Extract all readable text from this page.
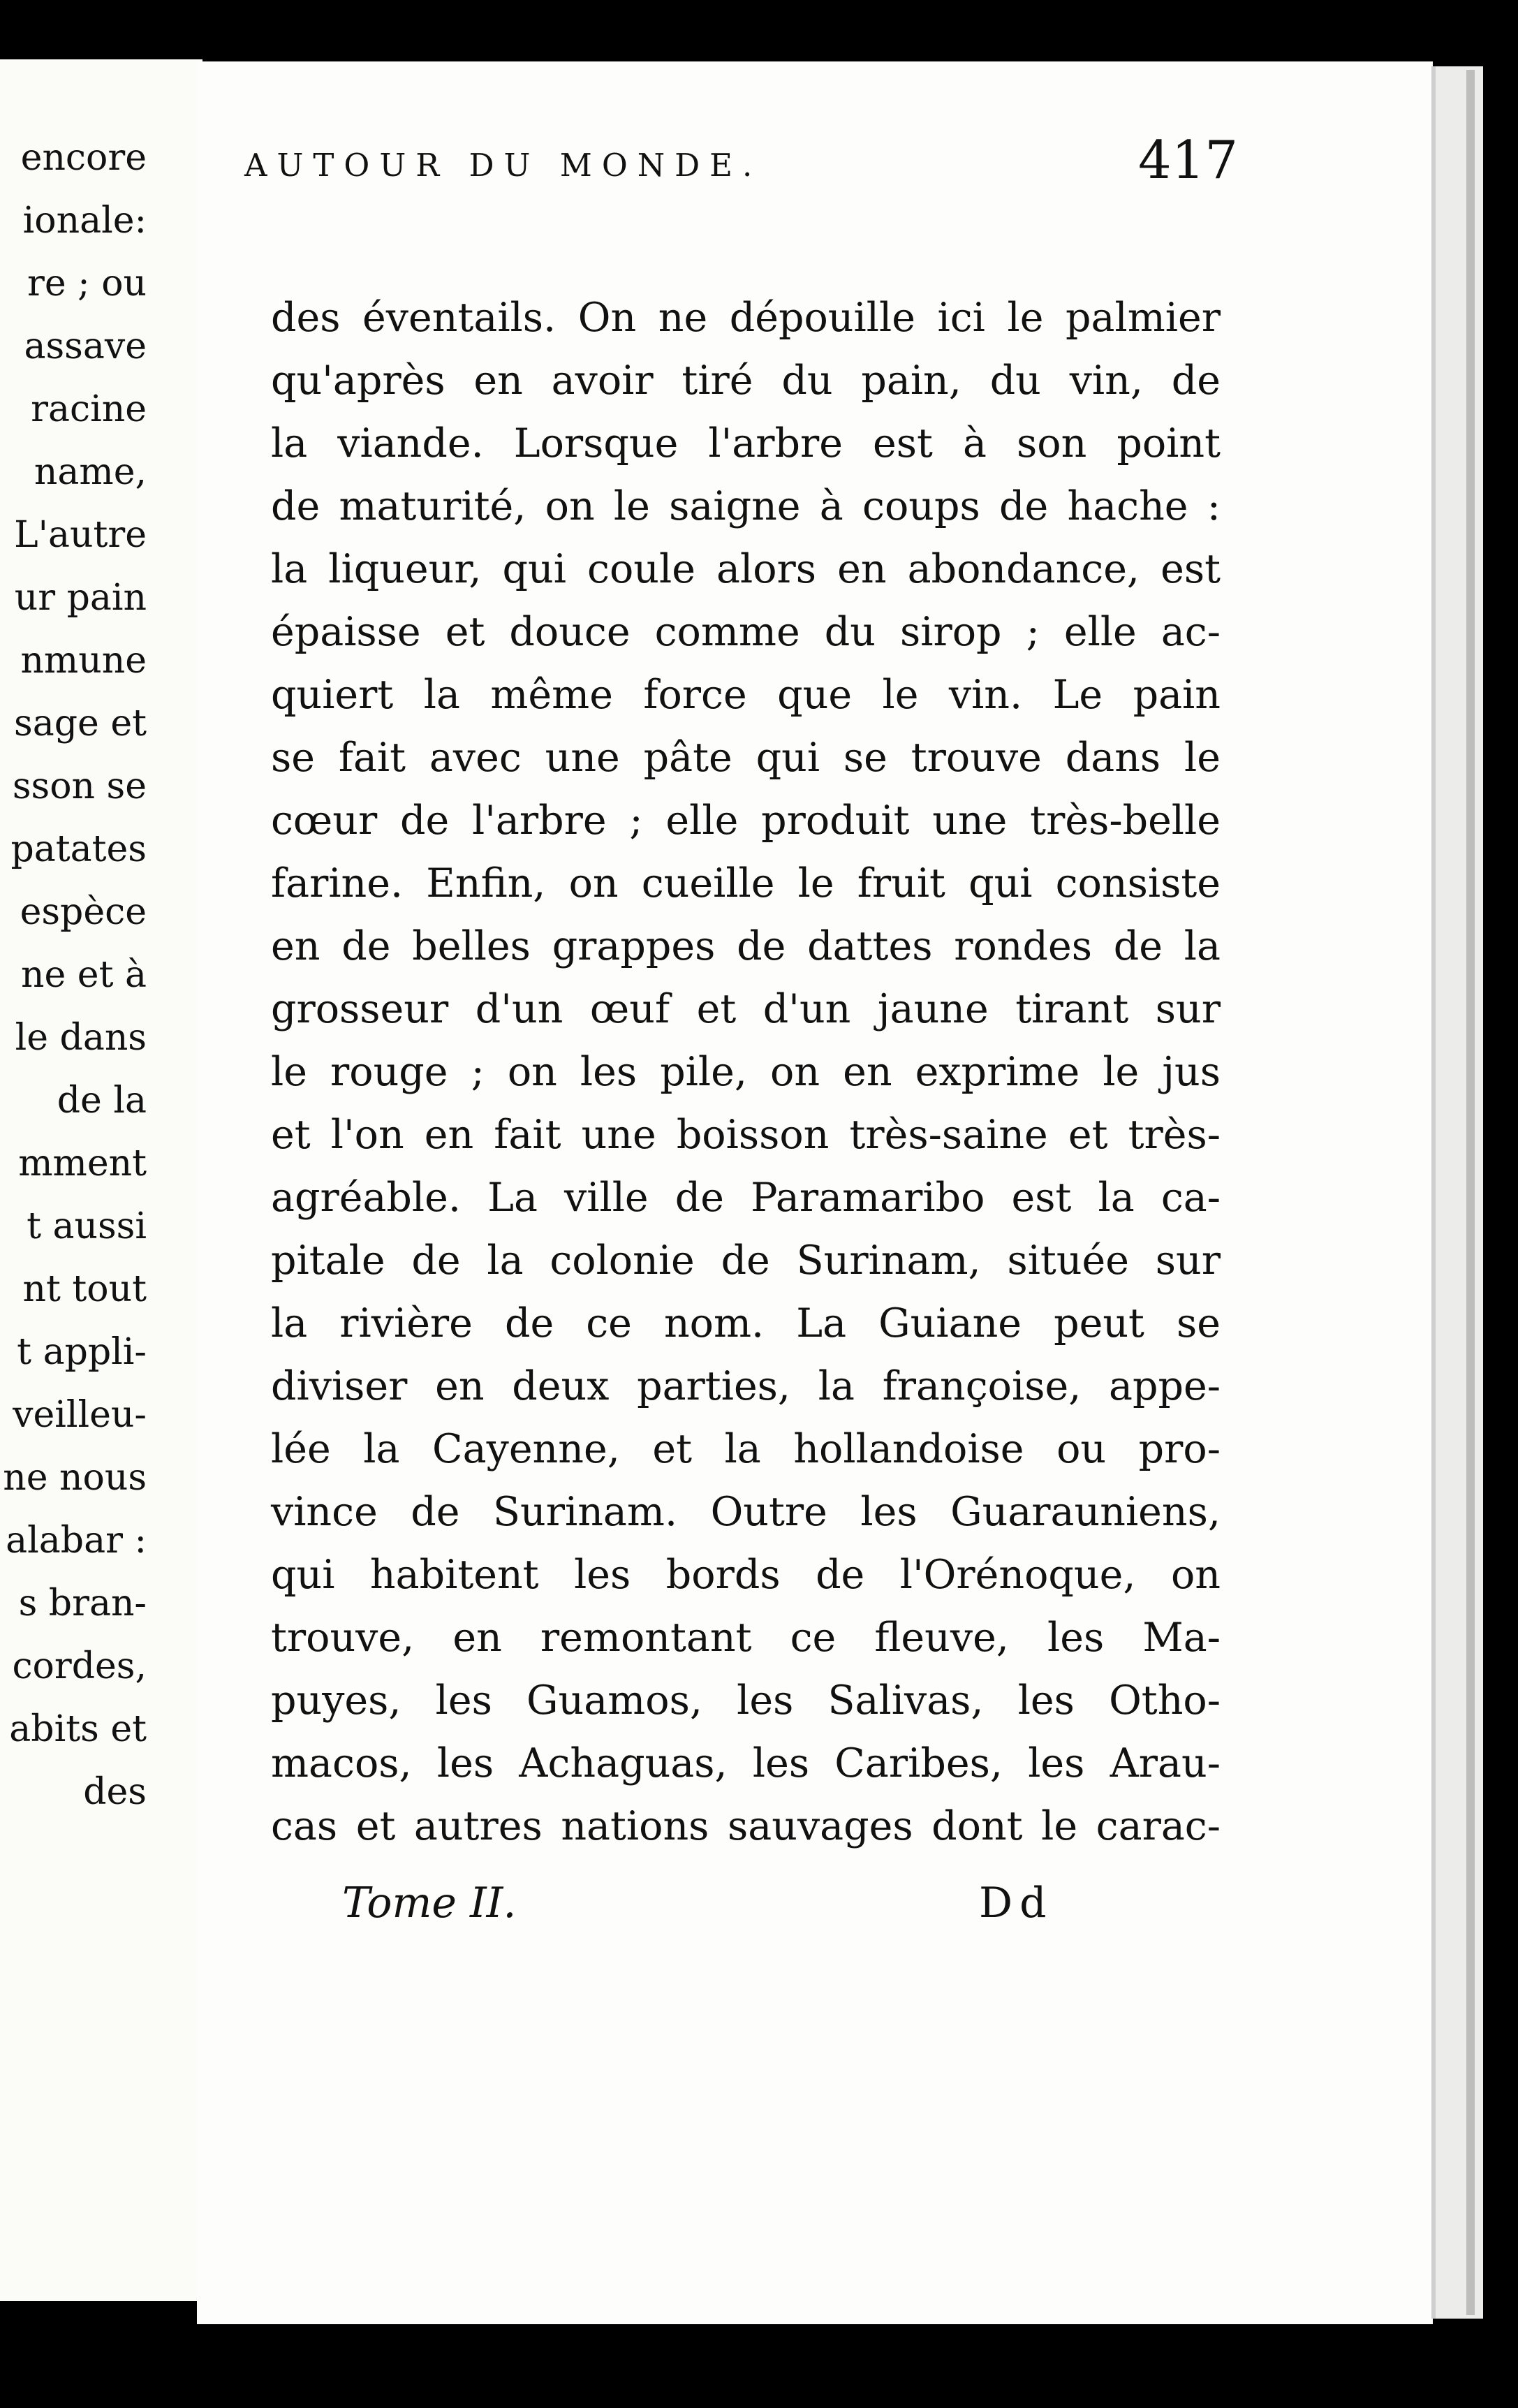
encore
ionale:
re ; ou
assave
racine
name,
L'autre
ur pain
nmune
sage et
sson se
patates
espèce
ne et à
le dans
de la
mment
t aussi
nt tout
t appli-
veilleu-
ne nous
alabar :
s bran-
cordes,
abits et
des
AUTOUR DU MONDE.	417
des éventails. On ne dépouille ici le palmier
qu'après en avoir tiré du pain, du vin, de
la viande. Lorsque l'arbre est à son point
de maturité, on le saigne à coups de hache :
la liqueur, qui coule alors en abondance, est
épaisse et douce comme du sirop ; elle ac-
quiert la même force que le vin. Le pain
se fait avec une pâte qui se trouve dans le
cœur de l'arbre ; elle produit une très-belle
farine. Enfin, on cueille le fruit qui consiste
en de belles grappes de dattes rondes de la
grosseur d'un œuf et d'un jaune tirant sur
le rouge ; on les pile, on en exprime le jus
et l'on en fait une boisson très-saine et très-
agréable. La ville de Paramaribo est la ca-
pitale de la colonie de Surinam, située sur
la rivière de ce nom. La Guiane peut se
diviser en deux parties, la françoise, appe-
lée la Cayenne, et la hollandoise ou pro-
vince de Surinam. Outre les Guarauniens,
qui habitent les bords de l'Orénoque, on
trouve, en remontant ce fleuve, les Ma-
puyes, les Guamos, les Salivas, les Otho-
macos, les Achaguas, les Caribes, les Arau-
cas et autres nations sauvages dont le carac-
Tome II.	Dd
